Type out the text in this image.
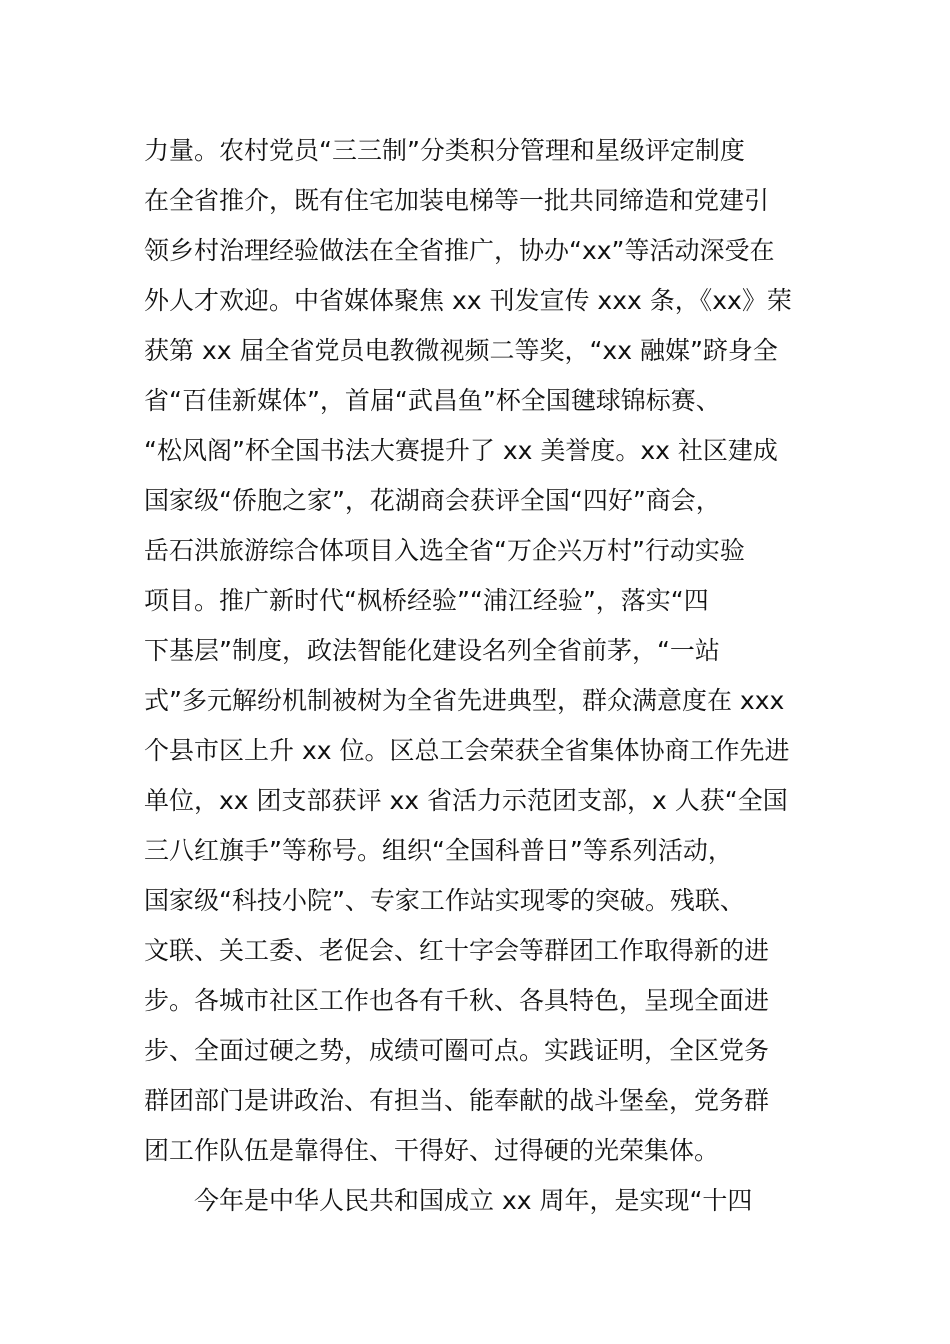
力量。农村党员“三三制”分类积分管理和星级评定制度
在全省推介，既有住宅加装电梯等一批共同缔造和党建引
领乡村治理经验做法在全省推广，协办“xx”等活动深受在
外人才欢迎。中省媒体聚焦 xx 刊发宣传 xxx 条，《xx》荣
获第 xx 届全省党员电教微视频二等奖，“xx 融媒”跻身全
省“百佳新媒体”，首届“武昌鱼”杯全国毽球锦标赛、
“松风阁”杯全国书法大赛提升了 xx 美誉度。xx 社区建成
国家级“侨胞之家”，花湖商会获评全国“四好”商会，
岳石洪旅游综合体项目入选全省“万企兴万村”行动实验
项目。推广新时代“枫桥经验”“浦江经验”，落实“四
下基层”制度，政法智能化建设名列全省前茅，“一站
式”多元解纷机制被树为全省先进典型，群众满意度在 xxx
个县市区上升 xx 位。区总工会荣获全省集体协商工作先进
单位，xx 团支部获评 xx 省活力示范团支部，x 人获“全国
三八红旗手”等称号。组织“全国科普日”等系列活动，
国家级“科技小院”、专家工作站实现零的突破。残联、
文联、关工委、老促会、红十字会等群团工作取得新的进
步。各城市社区工作也各有千秋、各具特色，呈现全面进
步、全面过硬之势，成绩可圈可点。实践证明，全区党务
群团部门是讲政治、有担当、能奉献的战斗堡垒，党务群
团工作队伍是靠得住、干得好、过得硬的光荣集体。
今年是中华人民共和国成立 xx 周年，是实现“十四
